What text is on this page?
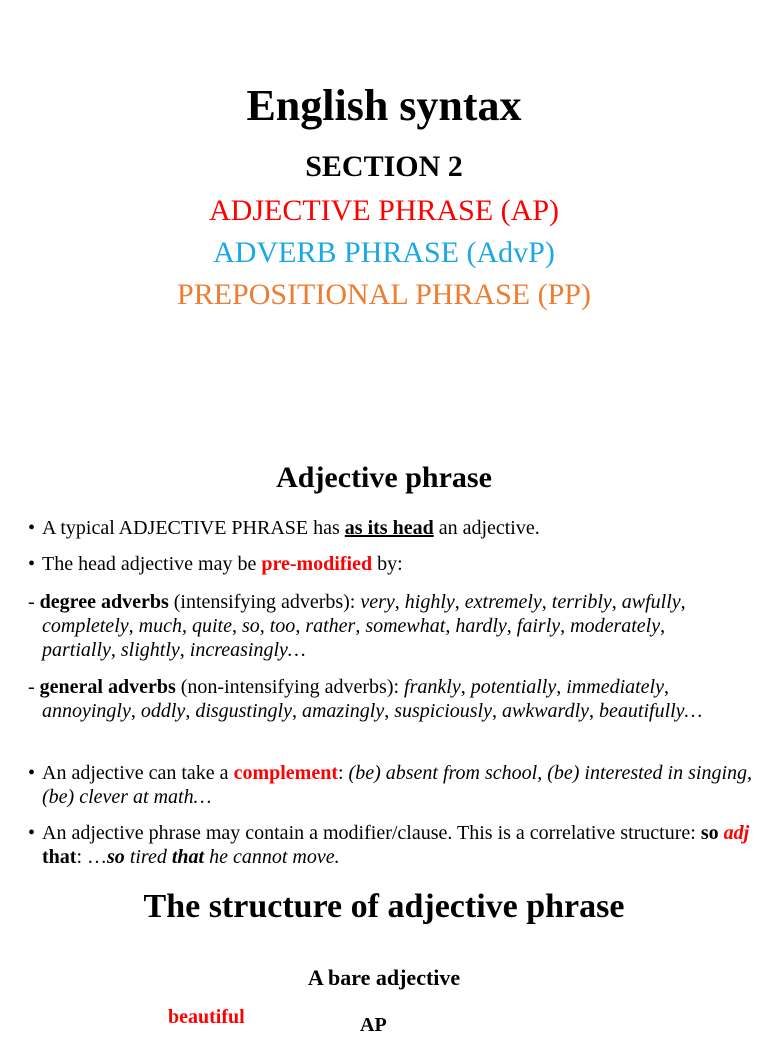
English syntax
SECTION 2
ADJECTIVE PHRASE (AP)
ADVERB PHRASE (AdvP)
PREPOSITIONAL PHRASE (PP)
Adjective phrase
• A typical ADJECTIVE PHRASE has as its head an adjective.
• The head adjective may be pre-modified by:
- degree adverbs (intensifying adverbs): very, highly, extremely, terribly, awfully, completely, much, quite, so, too, rather, somewhat, hardly, fairly, moderately, partially, slightly, increasingly…
- general adverbs (non-intensifying adverbs): frankly, potentially, immediately, annoyingly, oddly, disgustingly, amazingly, suspiciously, awkwardly, beautifully…
• An adjective can take a complement: (be) absent from school, (be) interested in singing, (be) clever at math…
• An adjective phrase may contain a modifier/clause. This is a correlative structure: so adj that: …so tired that he cannot move.
The structure of adjective phrase
A bare adjective
beautiful	AP
